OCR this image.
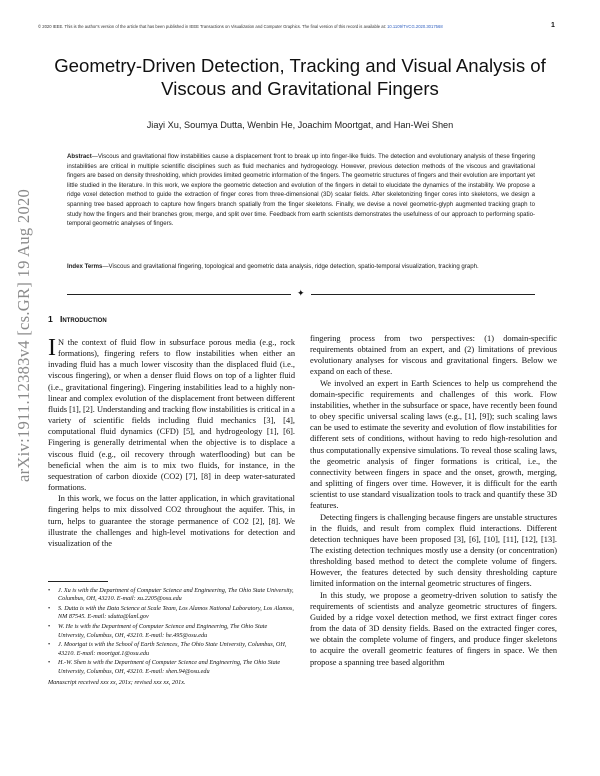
© 2020 IEEE. This is the author's version of the article that has been published in IEEE Transactions on Visualization and Computer Graphics. The final version of this record is available at: 10.1109/TVCG.2020.3017568	1
arXiv:1911.12383v4 [cs.GR] 19 Aug 2020
Geometry-Driven Detection, Tracking and Visual Analysis of Viscous and Gravitational Fingers
Jiayi Xu, Soumya Dutta, Wenbin He, Joachim Moortgat, and Han-Wei Shen
Abstract—Viscous and gravitational flow instabilities cause a displacement front to break up into finger-like fluids. The detection and evolutionary analysis of these fingering instabilities are critical in multiple scientific disciplines such as fluid mechanics and hydrogeology. However, previous detection methods of the viscous and gravitational fingers are based on density thresholding, which provides limited geometric information of the fingers. The geometric structures of fingers and their evolution are important yet little studied in the literature. In this work, we explore the geometric detection and evolution of the fingers in detail to elucidate the dynamics of the instability. We propose a ridge voxel detection method to guide the extraction of finger cores from three-dimensional (3D) scalar fields. After skeletonizing finger cores into skeletons, we design a spanning tree based approach to capture how fingers branch spatially from the finger skeletons. Finally, we devise a novel geometric-glyph augmented tracking graph to study how the fingers and their branches grow, merge, and split over time. Feedback from earth scientists demonstrates the usefulness of our approach to performing spatio-temporal geometric analyses of fingers.
Index Terms—Viscous and gravitational fingering, topological and geometric data analysis, ridge detection, spatio-temporal visualization, tracking graph.
✦
1 Introduction

I N the context of fluid flow in subsurface porous media (e.g., rock formations), fingering refers to flow instabilities when either an invading fluid has a much lower viscosity than the displaced fluid (i.e., viscous fingering), or when a denser fluid flows on top of a lighter fluid (i.e., gravitational fingering). Fingering instabilities lead to a highly non-linear and complex evolution of the displacement front between different fluids [1], [2]. Understanding and tracking flow instabilities is critical in a variety of scientific fields including fluid mechanics [3], [4], computational fluid dynamics (CFD) [5], and hydrogeology [1], [6]. Fingering is generally detrimental when the objective is to displace a viscous fluid (e.g., oil recovery through waterflooding) but can be beneficial when the aim is to mix two fluids, for instance, in the sequestration of carbon dioxide (CO2) [7], [8] in deep water-saturated formations.

In this work, we focus on the latter application, in which gravitational fingering helps to mix dissolved CO2 throughout the aquifer. This, in turn, helps to guarantee the storage permanence of CO2 [2], [8]. We illustrate the challenges and high-level motivations for detection and visualization of the

• J. Xu is with the Department of Computer Science and Engineering, The Ohio State University, Columbus, OH, 43210. E-mail: xu.2205@osu.edu
• S. Dutta is with the Data Science at Scale Team, Los Alamos National Laboratory, Los Alamos, NM 87545. E-mail: sdutta@lanl.gov
• W. He is with the Department of Computer Science and Engineering, The Ohio State University, Columbus, OH, 43210. E-mail: he.495@osu.edu
• J. Moortgat is with the School of Earth Sciences, The Ohio State University, Columbus, OH, 43210. E-mail: moortgat.1@osu.edu
• H.-W. Shen is with the Department of Computer Science and Engineering, The Ohio State University, Columbus, OH, 43210. E-mail: shen.94@osu.edu
Manuscript received xxx xx, 201x; revised xxx xx, 201x.

fingering process from two perspectives: (1) domain-specific requirements obtained from an expert, and (2) limitations of previous evolutionary analyses for viscous and gravitational fingers. Below we expand on each of these.

We involved an expert in Earth Sciences to help us comprehend the domain-specific requirements and challenges of this work. Flow instabilities, whether in the subsurface or space, have recently been found to obey specific universal scaling laws (e.g., [1], [9]); such scaling laws can be used to estimate the severity and evolution of flow instabilities for different sets of conditions, without having to redo high-resolution and thus computationally expensive simulations. To reveal those scaling laws, the geometric analysis of finger formations is critical, i.e., the connectivity between fingers in space and the onset, growth, merging, and splitting of fingers over time. However, it is difficult for the earth scientist to use standard visualization tools to track and quantify these 3D features.

Detecting fingers is challenging because fingers are unstable structures in the fluids, and result from complex fluid interactions. Different detection techniques have been proposed [3], [6], [10], [11], [12], [13]. The existing detection techniques mostly use a density (or concentration) thresholding based method to detect the complete volume of fingers. However, the features detected by such density thresholding capture limited information on the internal geometric structures of fingers.

In this study, we propose a geometry-driven solution to satisfy the requirements of scientists and analyze geometric structures of fingers. Guided by a ridge voxel detection method, we first extract finger cores from the data of 3D density fields. Based on the extracted finger cores, we obtain the complete volume of fingers, and produce finger skeletons to acquire the overall geometric features of fingers in space. We then propose a spanning tree based algorithm
